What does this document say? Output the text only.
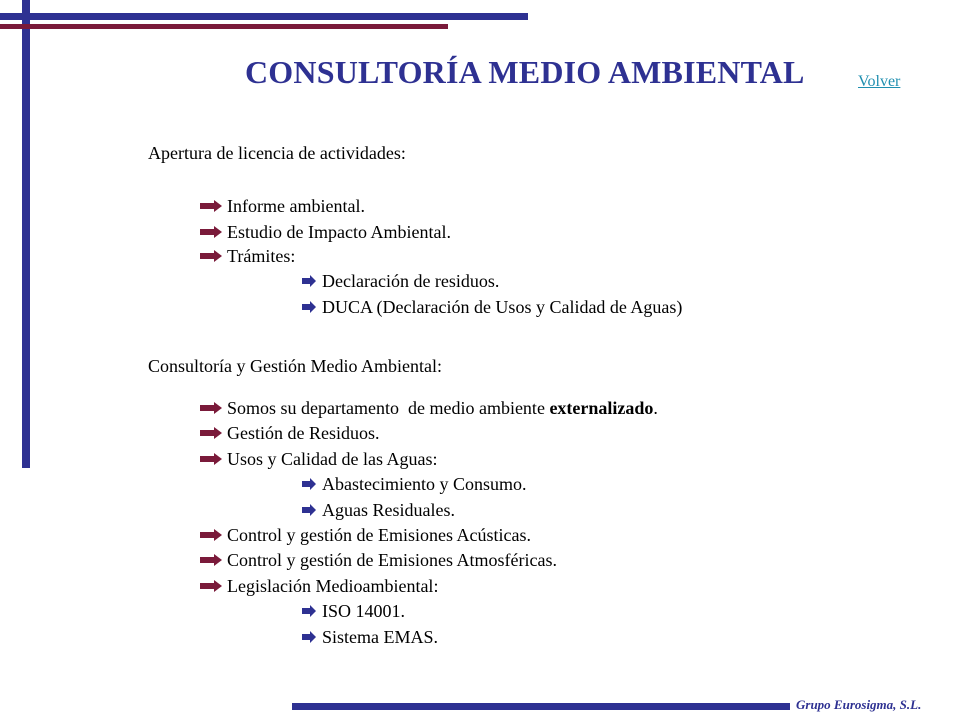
CONSULTORÍA MEDIO AMBIENTAL	Volver
Apertura de licencia de actividades:
Informe ambiental.
Estudio de Impacto Ambiental.
Trámites:
Declaración de residuos.
DUCA (Declaración de Usos y Calidad de Aguas)
Consultoría y Gestión Medio Ambiental:
Somos su departamento  de medio ambiente externalizado.
Gestión de Residuos.
Usos y Calidad de las Aguas:
Abastecimiento y Consumo.
Aguas Residuales.
Control y gestión de Emisiones Acústicas.
Control y gestión de Emisiones Atmosféricas.
Legislación Medioambiental:
ISO 14001.
Sistema EMAS.
Grupo Eurosigma, S.L.
